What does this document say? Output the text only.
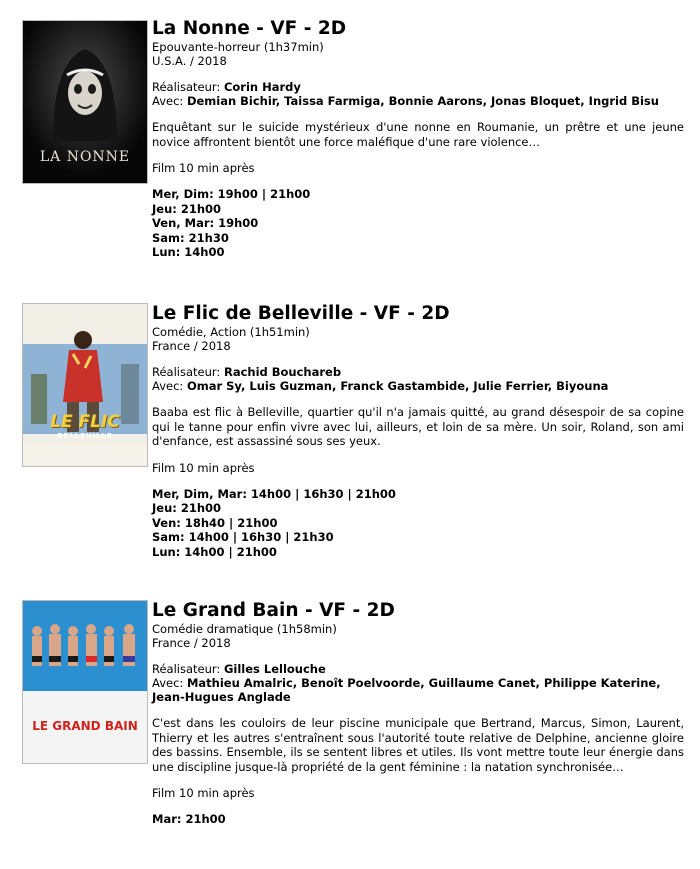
LA NONNE
La Nonne - VF - 2D
Epouvante-horreur (1h37min)
U.S.A. / 2018
Réalisateur: Corin Hardy
Avec: Demian Bichir, Taissa Farmiga, Bonnie Aarons, Jonas Bloquet, Ingrid Bisu
Enquêtant sur le suicide mystérieux d'une nonne en Roumanie, un prêtre et une jeune novice affrontent bientôt une force maléfique d'une rare violence…
Film 10 min après
Mer, Dim: 19h00 | 21h00
Jeu: 21h00
Ven, Mar: 19h00
Sam: 21h30
Lun: 14h00
LE FLIC
BELLEVILLE
Le Flic de Belleville - VF - 2D
Comédie, Action (1h51min)
France / 2018
Réalisateur: Rachid Bouchareb
Avec: Omar Sy, Luis Guzman, Franck Gastambide, Julie Ferrier, Biyouna
Baaba est flic à Belleville, quartier qu'il n'a jamais quitté, au grand désespoir de sa copine qui le tanne pour enfin vivre avec lui, ailleurs, et loin de sa mère. Un soir, Roland, son ami d'enfance, est assassiné sous ses yeux.
Film 10 min après
Mer, Dim, Mar: 14h00 | 16h30 | 21h00
Jeu: 21h00
Ven: 18h40 | 21h00
Sam: 14h00 | 16h30 | 21h30
Lun: 14h00 | 21h00
LE GRAND BAIN
Le Grand Bain - VF - 2D
Comédie dramatique (1h58min)
France / 2018
Réalisateur: Gilles Lellouche
Avec: Mathieu Amalric, Benoît Poelvoorde, Guillaume Canet, Philippe Katerine, Jean-Hugues Anglade
C'est dans les couloirs de leur piscine municipale que Bertrand, Marcus, Simon, Laurent, Thierry et les autres s'entraînent sous l'autorité toute relative de Delphine, ancienne gloire des bassins. Ensemble, ils se sentent libres et utiles. Ils vont mettre toute leur énergie dans une discipline jusque-là propriété de la gent féminine : la natation synchronisée…
Film 10 min après
Mar: 21h00
